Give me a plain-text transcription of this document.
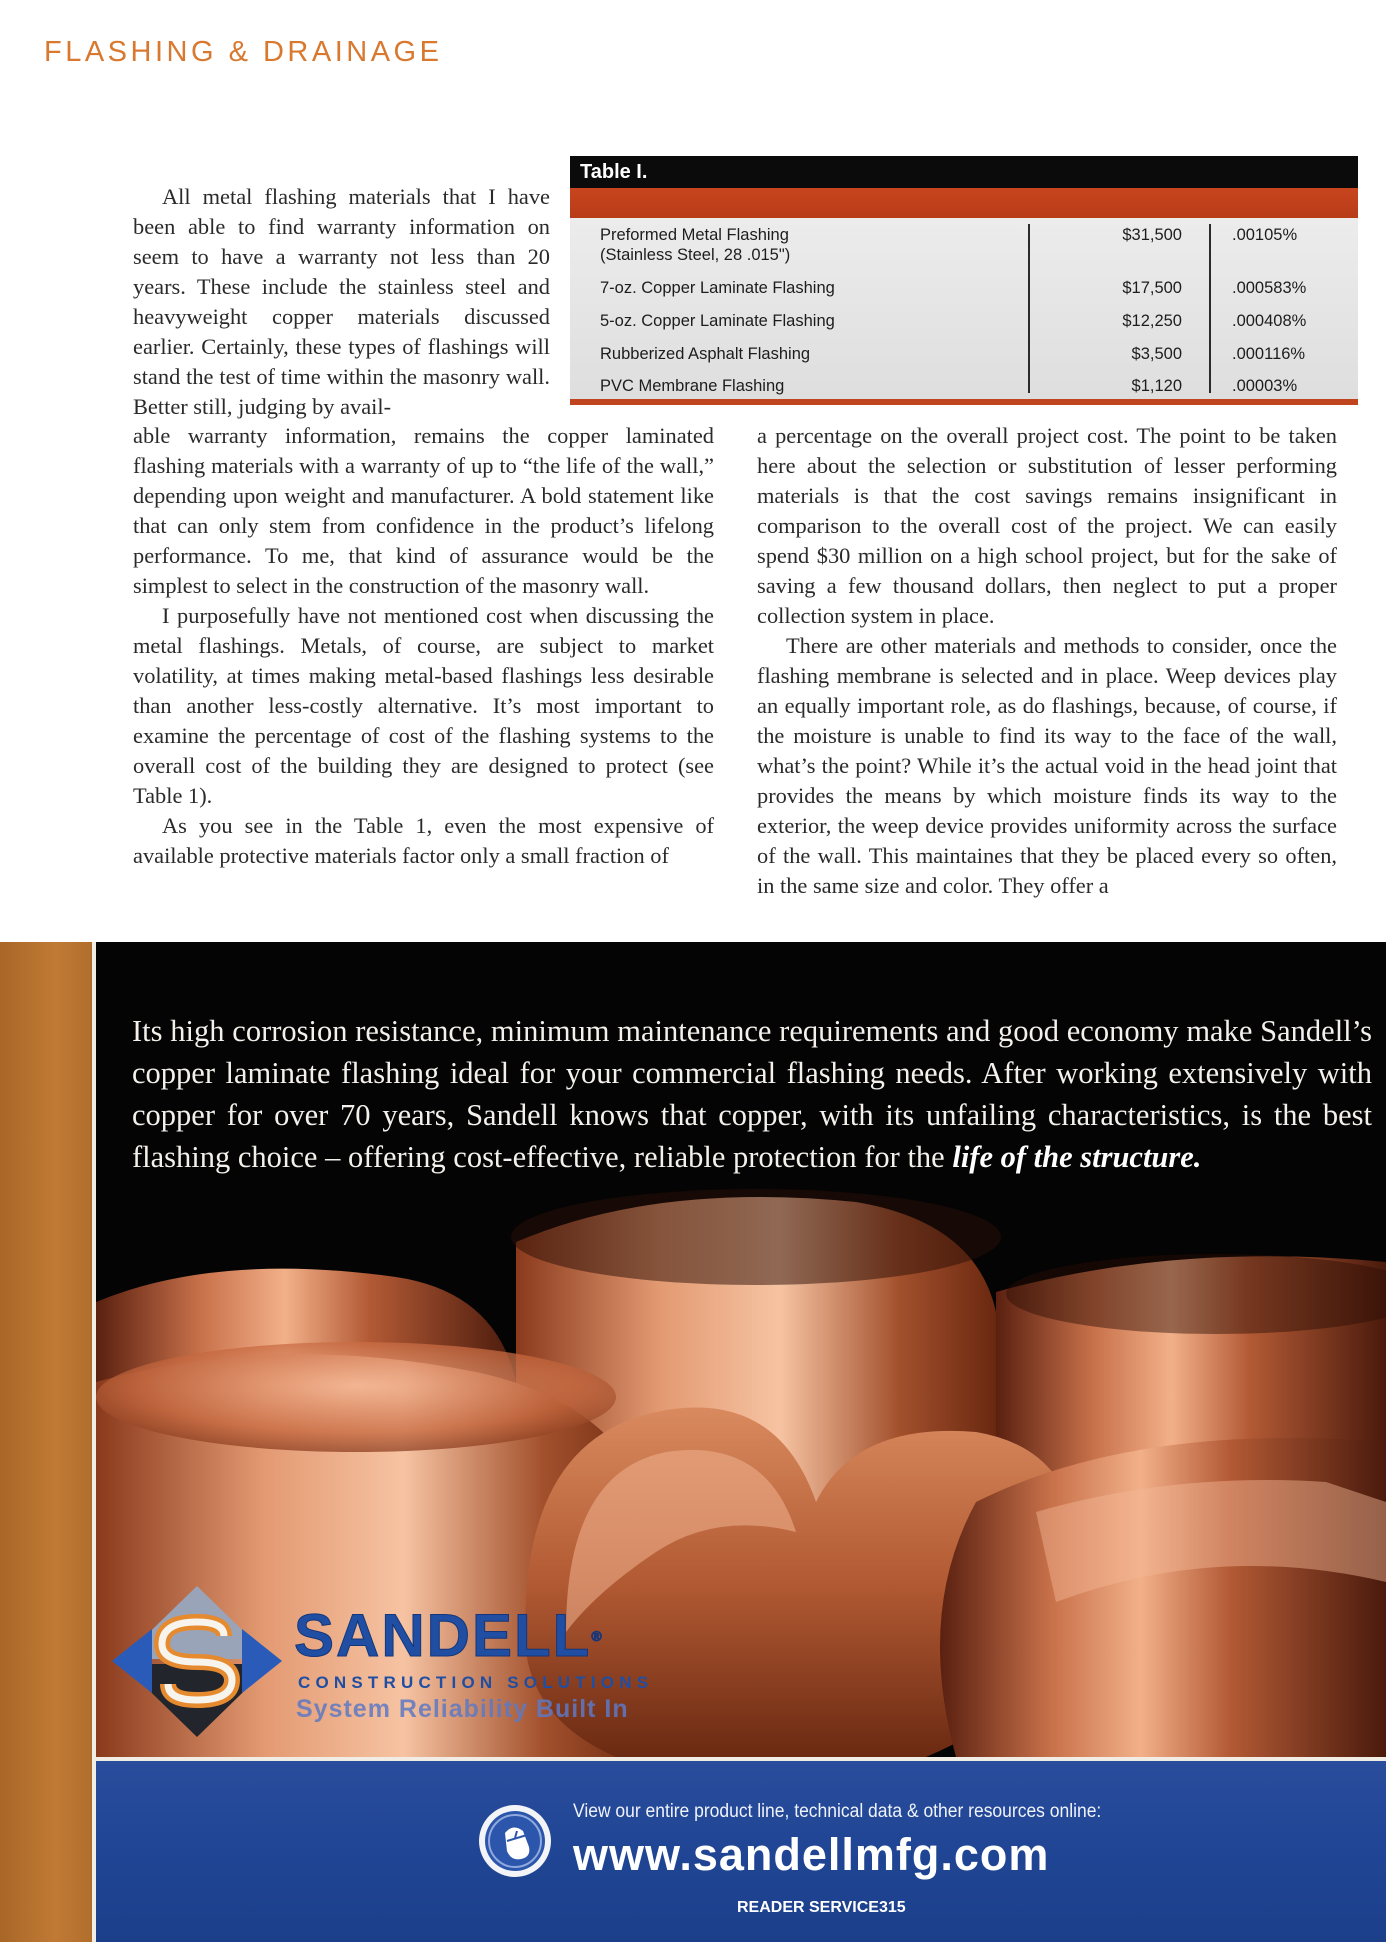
FLASHING & DRAINAGE

All metal flashing materials that I have been able to find warranty information on seem to have a warranty not less than 20 years. These include the stainless steel and heavyweight copper materials discussed earlier. Certainly, these types of flashings will stand the test of time within the masonry wall. Better still, judging by avail-

Table I.
Preformed Metal Flashing
(Stainless Steel, 28 .015")
$31,500	.00105%
7-oz. Copper Laminate Flashing	$17,500	.000583%
5-oz. Copper Laminate Flashing	$12,250	.000408%
Rubberized Asphalt Flashing	$3,500	.000116%
PVC Membrane Flashing	$1,120	.00003%

able warranty information, remains the copper laminated flashing materials with a warranty of up to “the life of the wall,” depending upon weight and manufacturer. A bold statement like that can only stem from confidence in the product’s lifelong performance. To me, that kind of assurance would be the simplest to select in the construction of the masonry wall.

I purposefully have not mentioned cost when discussing the metal flashings. Metals, of course, are subject to market volatility, at times making metal-based flashings less desirable than another less-costly alternative. It’s most important to examine the percentage of cost of the flashing systems to the overall cost of the building they are designed to protect (see Table 1).

As you see in the Table 1, even the most expensive of available protective materials factor only a small fraction of

a percentage on the overall project cost. The point to be taken here about the selection or substitution of lesser performing materials is that the cost savings remains insignificant in comparison to the overall cost of the project. We can easily spend $30 million on a high school project, but for the sake of saving a few thousand dollars, then neglect to put a proper collection system in place.

There are other materials and methods to consider, once the flashing membrane is selected and in place. Weep devices play an equally important role, as do flashings, because, of course, if the moisture is unable to find its way to the face of the wall, what’s the point? While it’s the actual void in the head joint that provides the means by which moisture finds its way to the exterior, the weep device provides uniformity across the surface of the wall. This maintaines that they be placed every so often, in the same size and color. They offer a

Its high corrosion resistance, minimum maintenance requirements and good economy make Sandell’s copper laminate flashing ideal for your commercial flashing needs. After working extensively with copper for over 70 years, Sandell knows that copper, with its unfailing characteristics, is the best flashing choice – offering cost-effective, reliable protection for the life of the structure.
SANDELL®
CONSTRUCTION SOLUTIONS
System Reliability Built In
View our entire product line, technical data & other resources online:
www.sandellmfg.com
READER SERVICE315
